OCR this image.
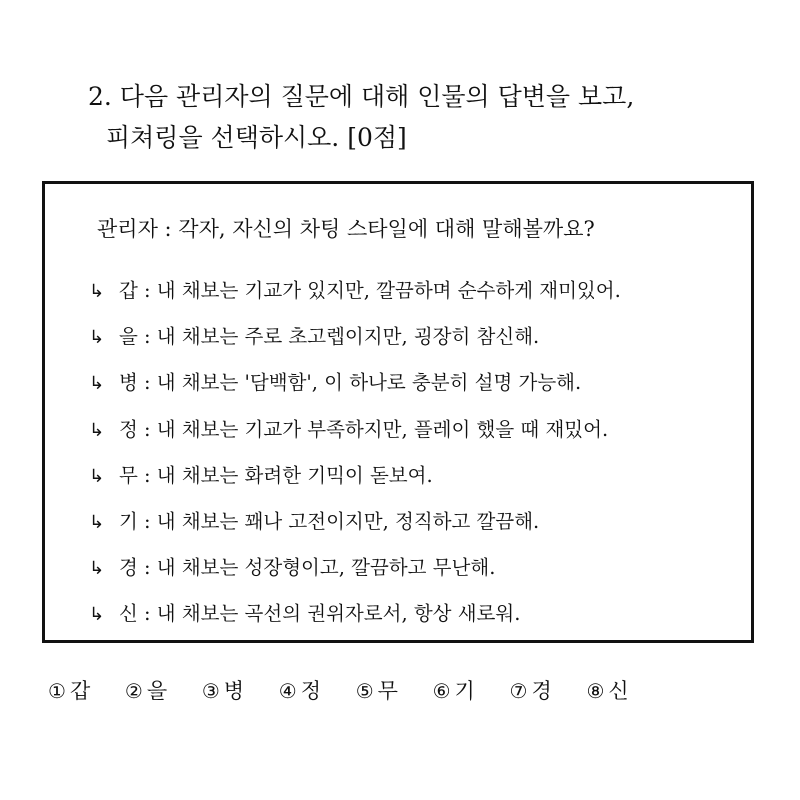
2. 다음 관리자의 질문에 대해 인물의 답변을 보고,
피쳐링을 선택하시오. [0점]
관리자 : 각자, 자신의 차팅 스타일에 대해 말해볼까요?
↳ 갑 : 내 채보는 기교가 있지만, 깔끔하며 순수하게 재미있어.
↳ 을 : 내 채보는 주로 초고렙이지만, 굉장히 참신해.
↳ 병 : 내 채보는 '담백함', 이 하나로 충분히 설명 가능해.
↳ 정 : 내 채보는 기교가 부족하지만, 플레이 했을 때 재밌어.
↳ 무 : 내 채보는 화려한 기믹이 돋보여.
↳ 기 : 내 채보는 꽤나 고전이지만, 정직하고 깔끔해.
↳ 경 : 내 채보는 성장형이고, 깔끔하고 무난해.
↳ 신 : 내 채보는 곡선의 권위자로서, 항상 새로워.
① 갑 ② 을 ③ 병 ④ 정 ⑤ 무 ⑥ 기 ⑦ 경 ⑧ 신
